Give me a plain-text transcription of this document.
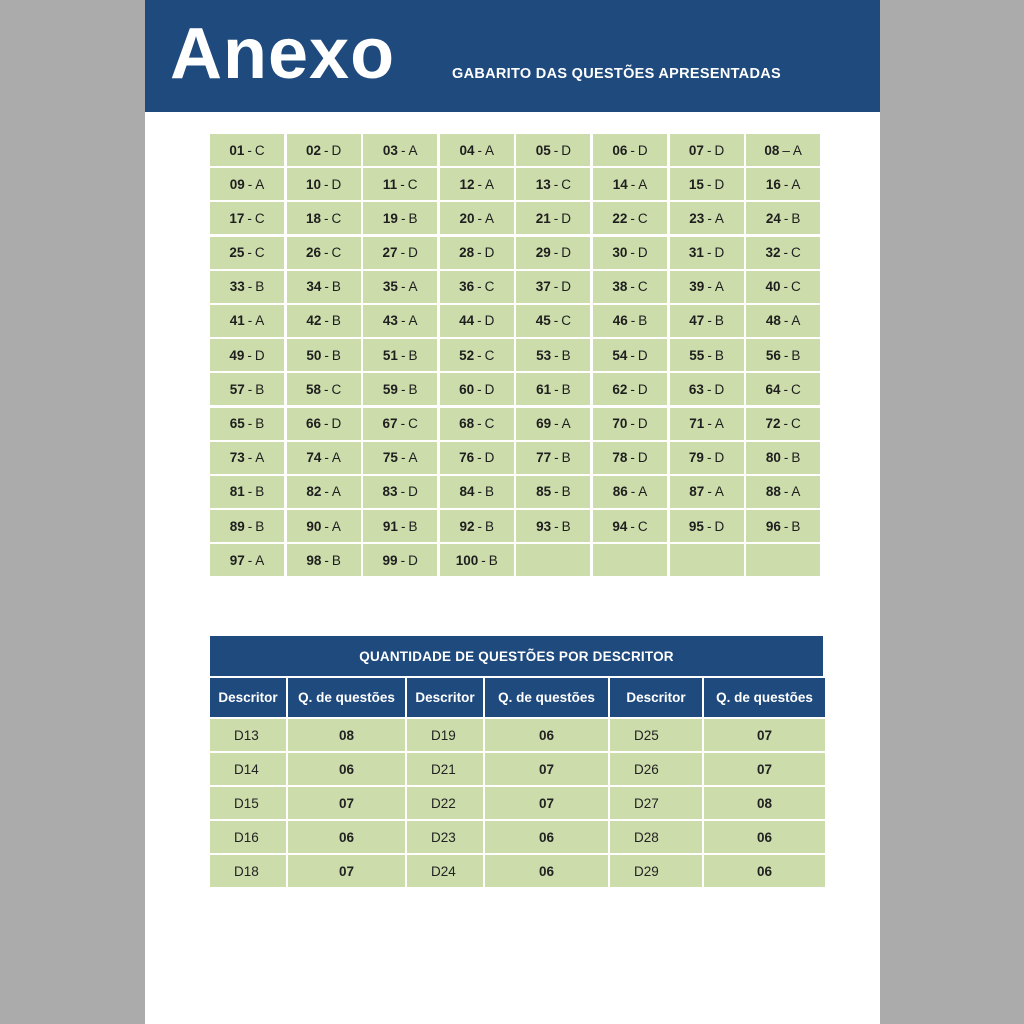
Anexo	GABARITO DAS QUESTÕES APRESENTADAS
01 - C	02 - D	03 - A	04 - A	05 - D	06 - D	07 - D	08 – A
09 - A	10 - D	11 - C	12 - A	13 - C	14 - A	15 - D	16 - A
17 - C	18 - C	19 - B	20 - A	21 - D	22 - C	23 - A	24 - B
25 - C	26 - C	27 - D	28 - D	29 - D	30 - D	31 - D	32 - C
33 - B	34 - B	35 - A	36 - C	37 - D	38 - C	39 - A	40 - C
41 - A	42 - B	43 - A	44 - D	45 - C	46 - B	47 - B	48 - A
49 - D	50 - B	51 - B	52 - C	53 - B	54 - D	55 - B	56 - B
57 - B	58 - C	59 - B	60 - D	61 - B	62 - D	63 - D	64 - C
65 - B	66 - D	67 - C	68 - C	69 - A	70 - D	71 - A	72 - C
73 - A	74 - A	75 - A	76 - D	77 - B	78 - D	79 - D	80 - B
81 - B	82 - A	83 - D	84 - B	85 - B	86 - A	87 - A	88 - A
89 - B	90 - A	91 - B	92 - B	93 - B	94 - C	95 - D	96 - B
97 - A	98 - B	99 - D	100 - B
QUANTIDADE DE QUESTÕES POR DESCRITOR
Descritor	Q. de questões	Descritor	Q. de questões	Descritor	Q. de questões
D13	08	D19	06	D25	07
D14	06	D21	07	D26	07
D15	07	D22	07	D27	08
D16	06	D23	06	D28	06
D18	07	D24	06	D29	06
